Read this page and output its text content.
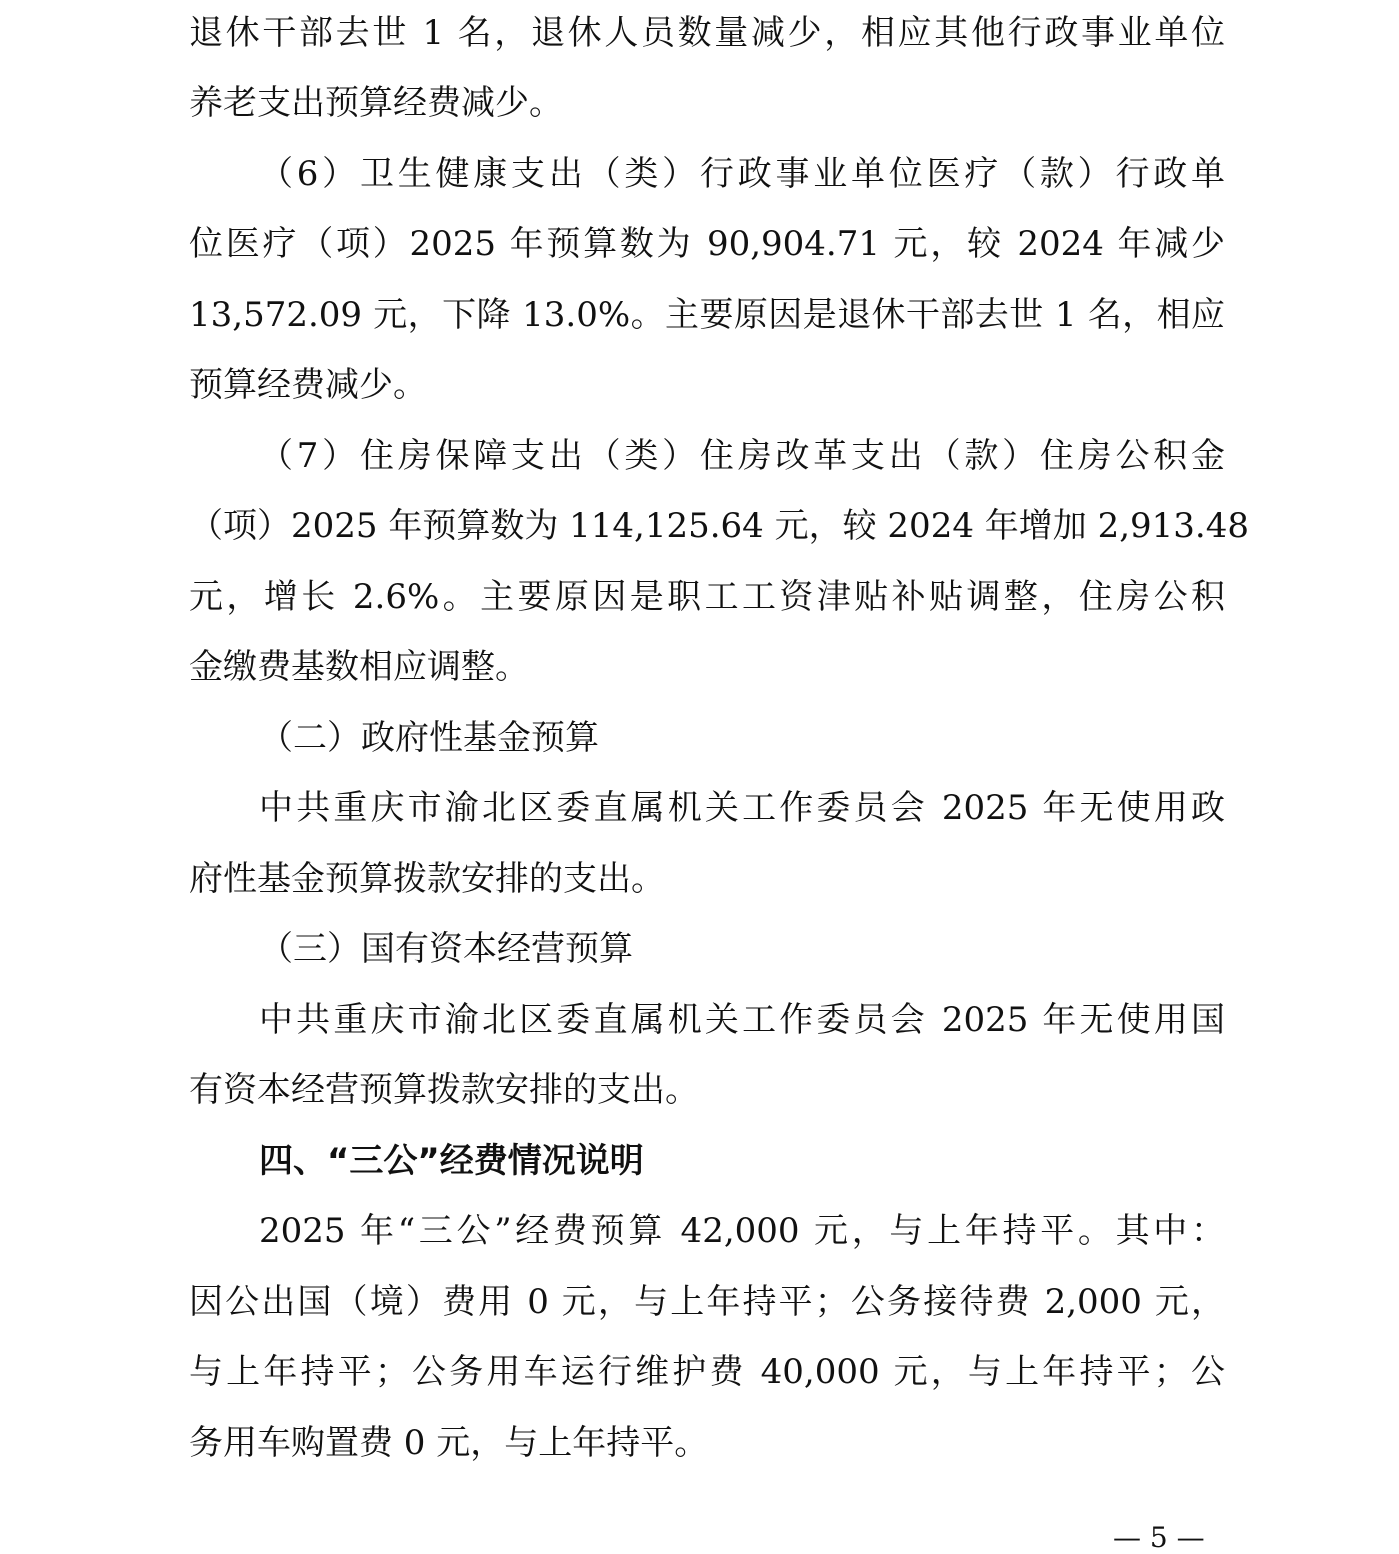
退休干部去世 1 名，退休人员数量减少，相应其他行政事业单位
养老支出预算经费减少。
（6）卫生健康支出（类）行政事业单位医疗（款）行政单
位医疗（项）2025 年预算数为 90,904.71 元，较 2024 年减少
13,572.09 元，下降 13.0%。主要原因是退休干部去世 1 名，相应
预算经费减少。
（7）住房保障支出（类）住房改革支出（款）住房公积金
（项）2025 年预算数为 114,125.64 元，较 2024 年增加 2,913.48
元，增长 2.6%。主要原因是职工工资津贴补贴调整，住房公积
金缴费基数相应调整。
（二）政府性基金预算
中共重庆市渝北区委直属机关工作委员会 2025 年无使用政
府性基金预算拨款安排的支出。
（三）国有资本经营预算
中共重庆市渝北区委直属机关工作委员会 2025 年无使用国
有资本经营预算拨款安排的支出。
四、“三公”经费情况说明
2025 年“三公”经费预算 42,000 元，与上年持平。其中：
因公出国（境）费用 0 元，与上年持平；公务接待费 2,000 元，
与上年持平；公务用车运行维护费 40,000 元，与上年持平；公
务用车购置费 0 元，与上年持平。
— 5 —
